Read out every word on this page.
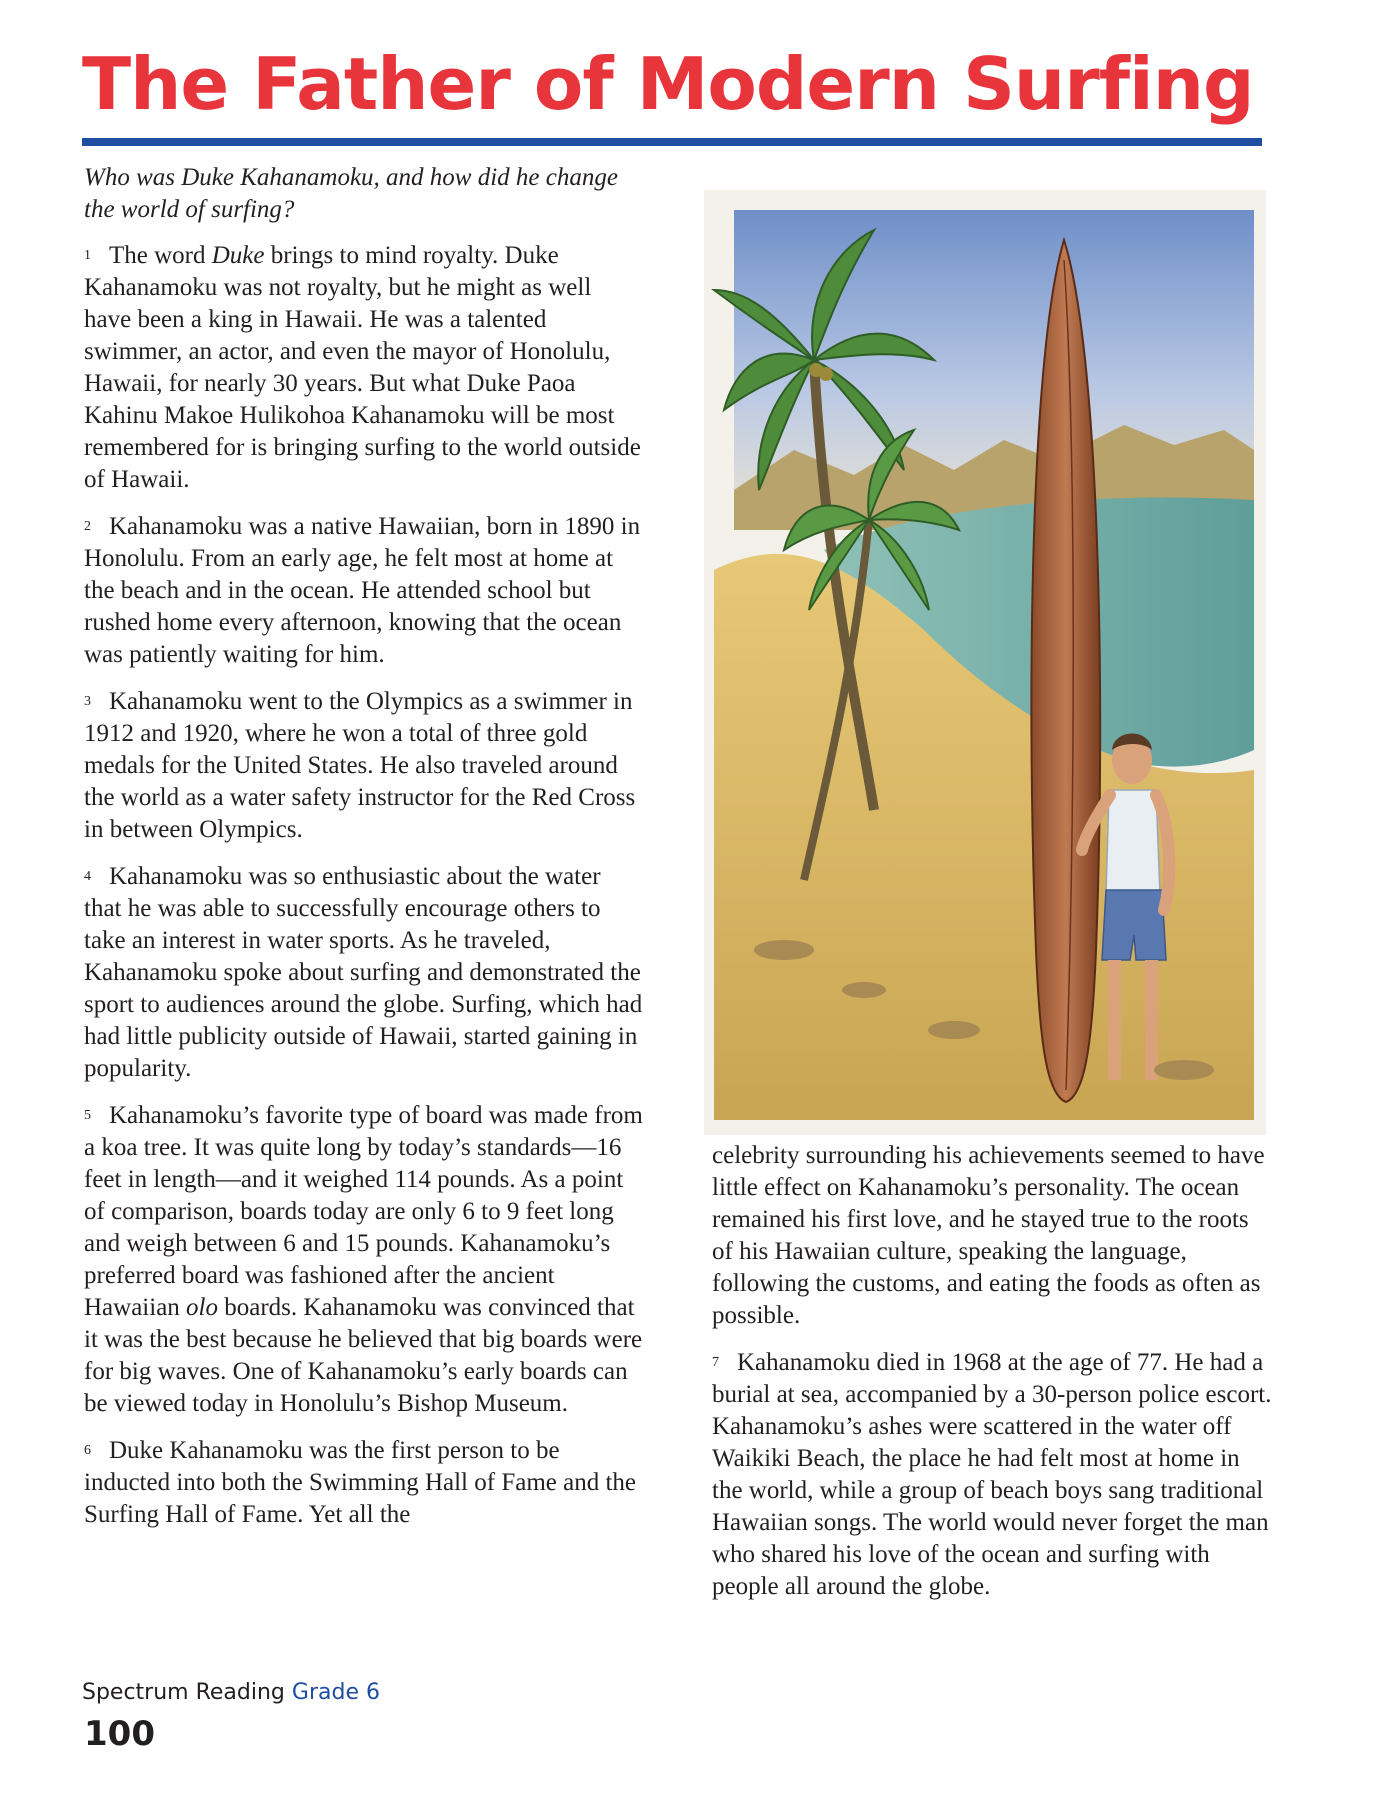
The Father of Modern Surfing

Who was Duke Kahanamoku, and how did he change the world of surfing?

1 The word Duke brings to mind royalty. Duke Kahanamoku was not royalty, but he might as well have been a king in Hawaii. He was a talented swimmer, an actor, and even the mayor of Honolulu, Hawaii, for nearly 30 years. But what Duke Paoa Kahinu Makoe Hulikohoa Kahanamoku will be most remembered for is bringing surfing to the world outside of Hawaii.

2 Kahanamoku was a native Hawaiian, born in 1890 in Honolulu. From an early age, he felt most at home at the beach and in the ocean. He attended school but rushed home every afternoon, knowing that the ocean was patiently waiting for him.

3 Kahanamoku went to the Olympics as a swimmer in 1912 and 1920, where he won a total of three gold medals for the United States. He also traveled around the world as a water safety instructor for the Red Cross in between Olympics.

4 Kahanamoku was so enthusiastic about the water that he was able to successfully encourage others to take an interest in water sports. As he traveled, Kahanamoku spoke about surfing and demonstrated the sport to audiences around the globe. Surfing, which had had little publicity outside of Hawaii, started gaining in popularity.

5 Kahanamoku’s favorite type of board was made from a koa tree. It was quite long by today’s standards—16 feet in length—and it weighed 114 pounds. As a point of comparison, boards today are only 6 to 9 feet long and weigh between 6 and 15 pounds. Kahanamoku’s preferred board was fashioned after the ancient Hawaiian olo boards. Kahanamoku was convinced that it was the best because he believed that big boards were for big waves. One of Kahanamoku’s early boards can be viewed today in Honolulu’s Bishop Museum.

6 Duke Kahanamoku was the first person to be inducted into both the Swimming Hall of Fame and the Surfing Hall of Fame. Yet all the

celebrity surrounding his achievements seemed to have little effect on Kahanamoku’s personality. The ocean remained his first love, and he stayed true to the roots of his Hawaiian culture, speaking the language, following the customs, and eating the foods as often as possible.

7 Kahanamoku died in 1968 at the age of 77. He had a burial at sea, accompanied by a 30-person police escort. Kahanamoku’s ashes were scattered in the water off Waikiki Beach, the place he had felt most at home in the world, while a group of beach boys sang traditional Hawaiian songs. The world would never forget the man who shared his love of the ocean and surfing with people all around the globe.

Spectrum Reading Grade 6
100
